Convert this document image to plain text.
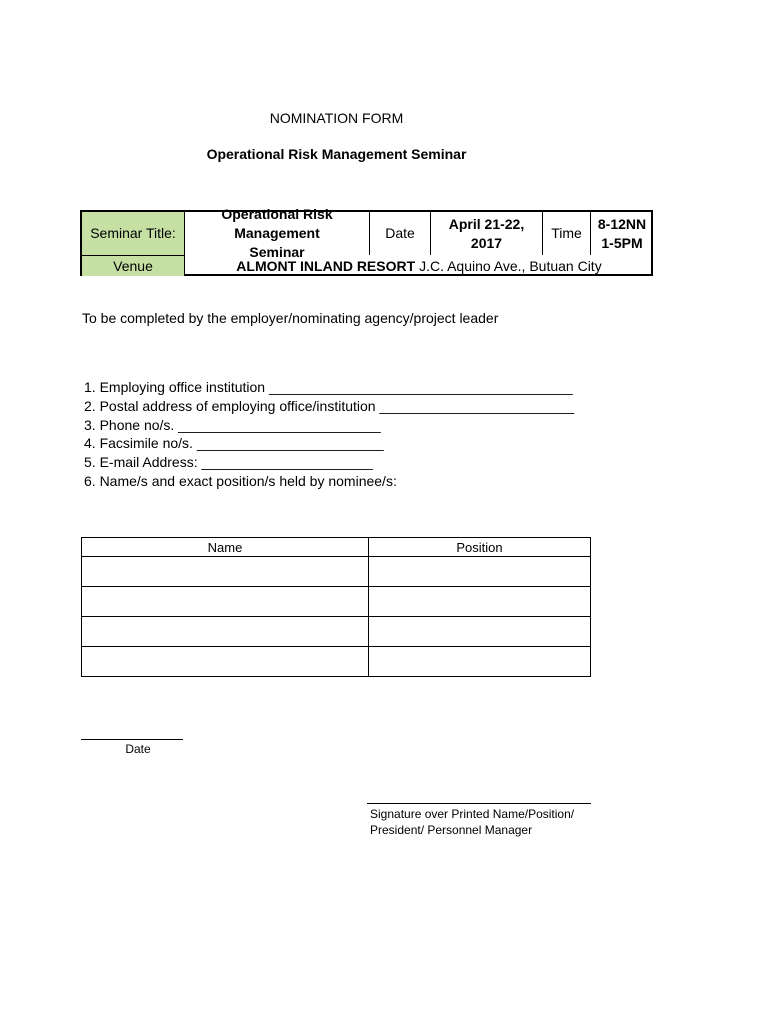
NOMINATION FORM
Operational Risk Management Seminar
Seminar Title:
Venue
Operational Risk Management Seminar
Date
April 21-22, 2017
Time
8-12NN
1-5PM
ALMONT INLAND RESORT
J.C. Aquino Ave., Butuan City
To be completed by the employer/nominating agency/project leader
1. Employing office institution _______________________________________
2. Postal address of employing office/institution _________________________
3. Phone no/s. __________________________
4. Facsimile no/s. ________________________
5. E-mail Address: ______________________
6. Name/s and exact position/s held by nominee/s:
Name	Position
Date
Signature over Printed Name/Position/
President/ Personnel Manager
